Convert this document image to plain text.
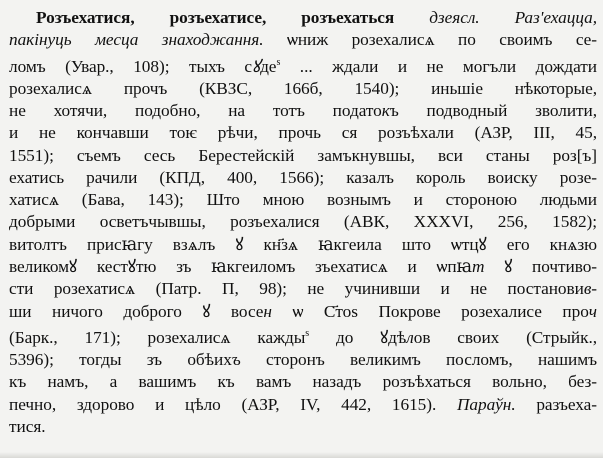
Розъехатися, розъехатисе, розъехаться дзеясл. Раз'ехацца,
пакінуць месца знаходжання. ѡниж розехалисѧ по своимъ се-
ломъ (Увар., 108); тыхъ сꙋде$^ѕ$ ... ждали и не могъли дождати
розехалисѧ прочъ (КВЗС, 166б, 1540); иньшіе нѣкоторые,
не хотячи, подобно, на тотъ податокъ подводный зволити,
и не кончавши тоѥ рѣчи, прочь ся розъѣхали (АЗР, III, 45,
1551); съемъ сесь Берестейскій замъкнувшы, вси станы роз[ъ]
ехатись рачили (КПД, 400, 1566); казалъ король воиску розе-
хатисѧ (Бава, 143); Што мною вознымъ и стороною людьми
добрыми осветъчывшы, розъехалися (АВК, XXXVI, 256, 1582);
витолтъ присꙗгу взѧлъ ꙋ кн҃зѧ ꙗкгеила што ѡтцꙋ его кнѧзю
великомꙋ кестꙋтю зъ ꙗкгеиломъ зъехатисѧ и ѡпꙗт ꙋ почтиво-
сти розехатисѧ (Патр. П, 98); не учинивши и не постановив-
ши ничого доброго ꙋ восен ѡ С҃тоѕ Покрове розехалисе проч
(Барк., 171); розехалисѧ кажды$^ѕ$ до ꙋдѣлов своих (Стрыйк.,
5396); тогды зъ обѣихъ сторонъ великимъ посломъ, нашимъ
къ намъ, а вашимъ къ вамъ назадъ розъѣхаться вольно, без-
печно, здорово и цѣло (АЗР, IV, 442, 1615). Параўн. разъеха-
тися.
